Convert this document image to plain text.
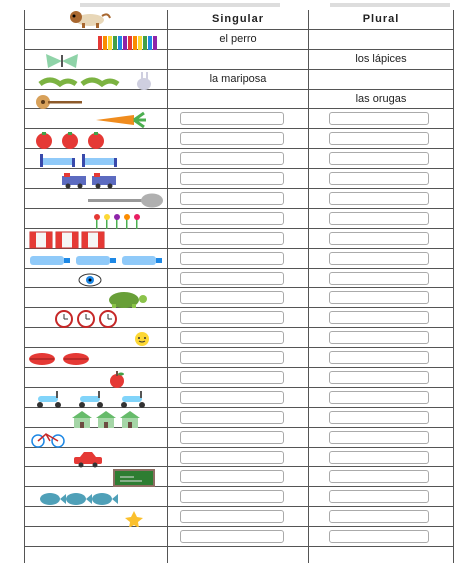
Singular	Plural
el perro
los lápices
la mariposa
las orugas
